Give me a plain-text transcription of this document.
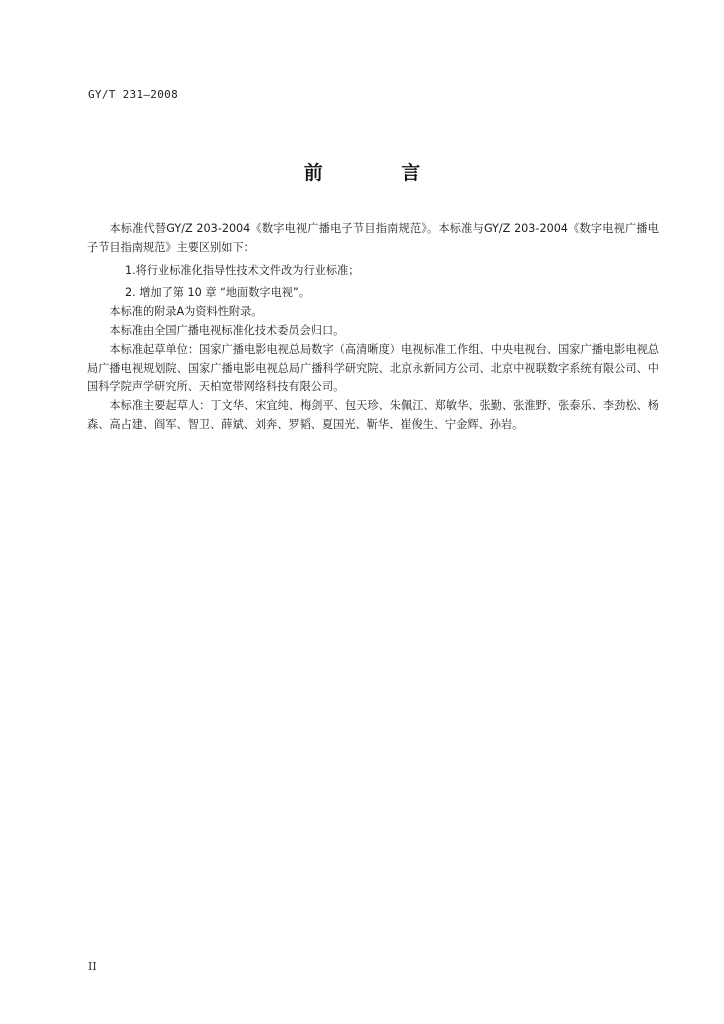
GY/T 231—2008
前 言

本标准代替GY/Z 203-2004《数字电视广播电子节目指南规范》。本标准与GY/Z 203-2004《数字电视广播电子节目指南规范》主要区别如下：

1.将行业标准化指导性技术文件改为行业标准；

2. 增加了第 10 章 “地面数字电视”。

本标准的附录A为资料性附录。

本标准由全国广播电视标准化技术委员会归口。

本标准起草单位：国家广播电影电视总局数字（高清晰度）电视标准工作组、中央电视台、国家广播电影电视总局广播电视规划院、国家广播电影电视总局广播科学研究院、北京永新同方公司、北京中视联数字系统有限公司、中国科学院声学研究所、天柏宽带网络科技有限公司。

本标准主要起草人：丁文华、宋宜纯、梅剑平、包天珍、朱佩江、郑敏华、张勤、张淮野、张泰乐、李劲松、杨森、高占建、阎军、智卫、薛斌、刘奔、罗韬、夏国光、靳华、崔俊生、宁金辉、孙岩。

II
